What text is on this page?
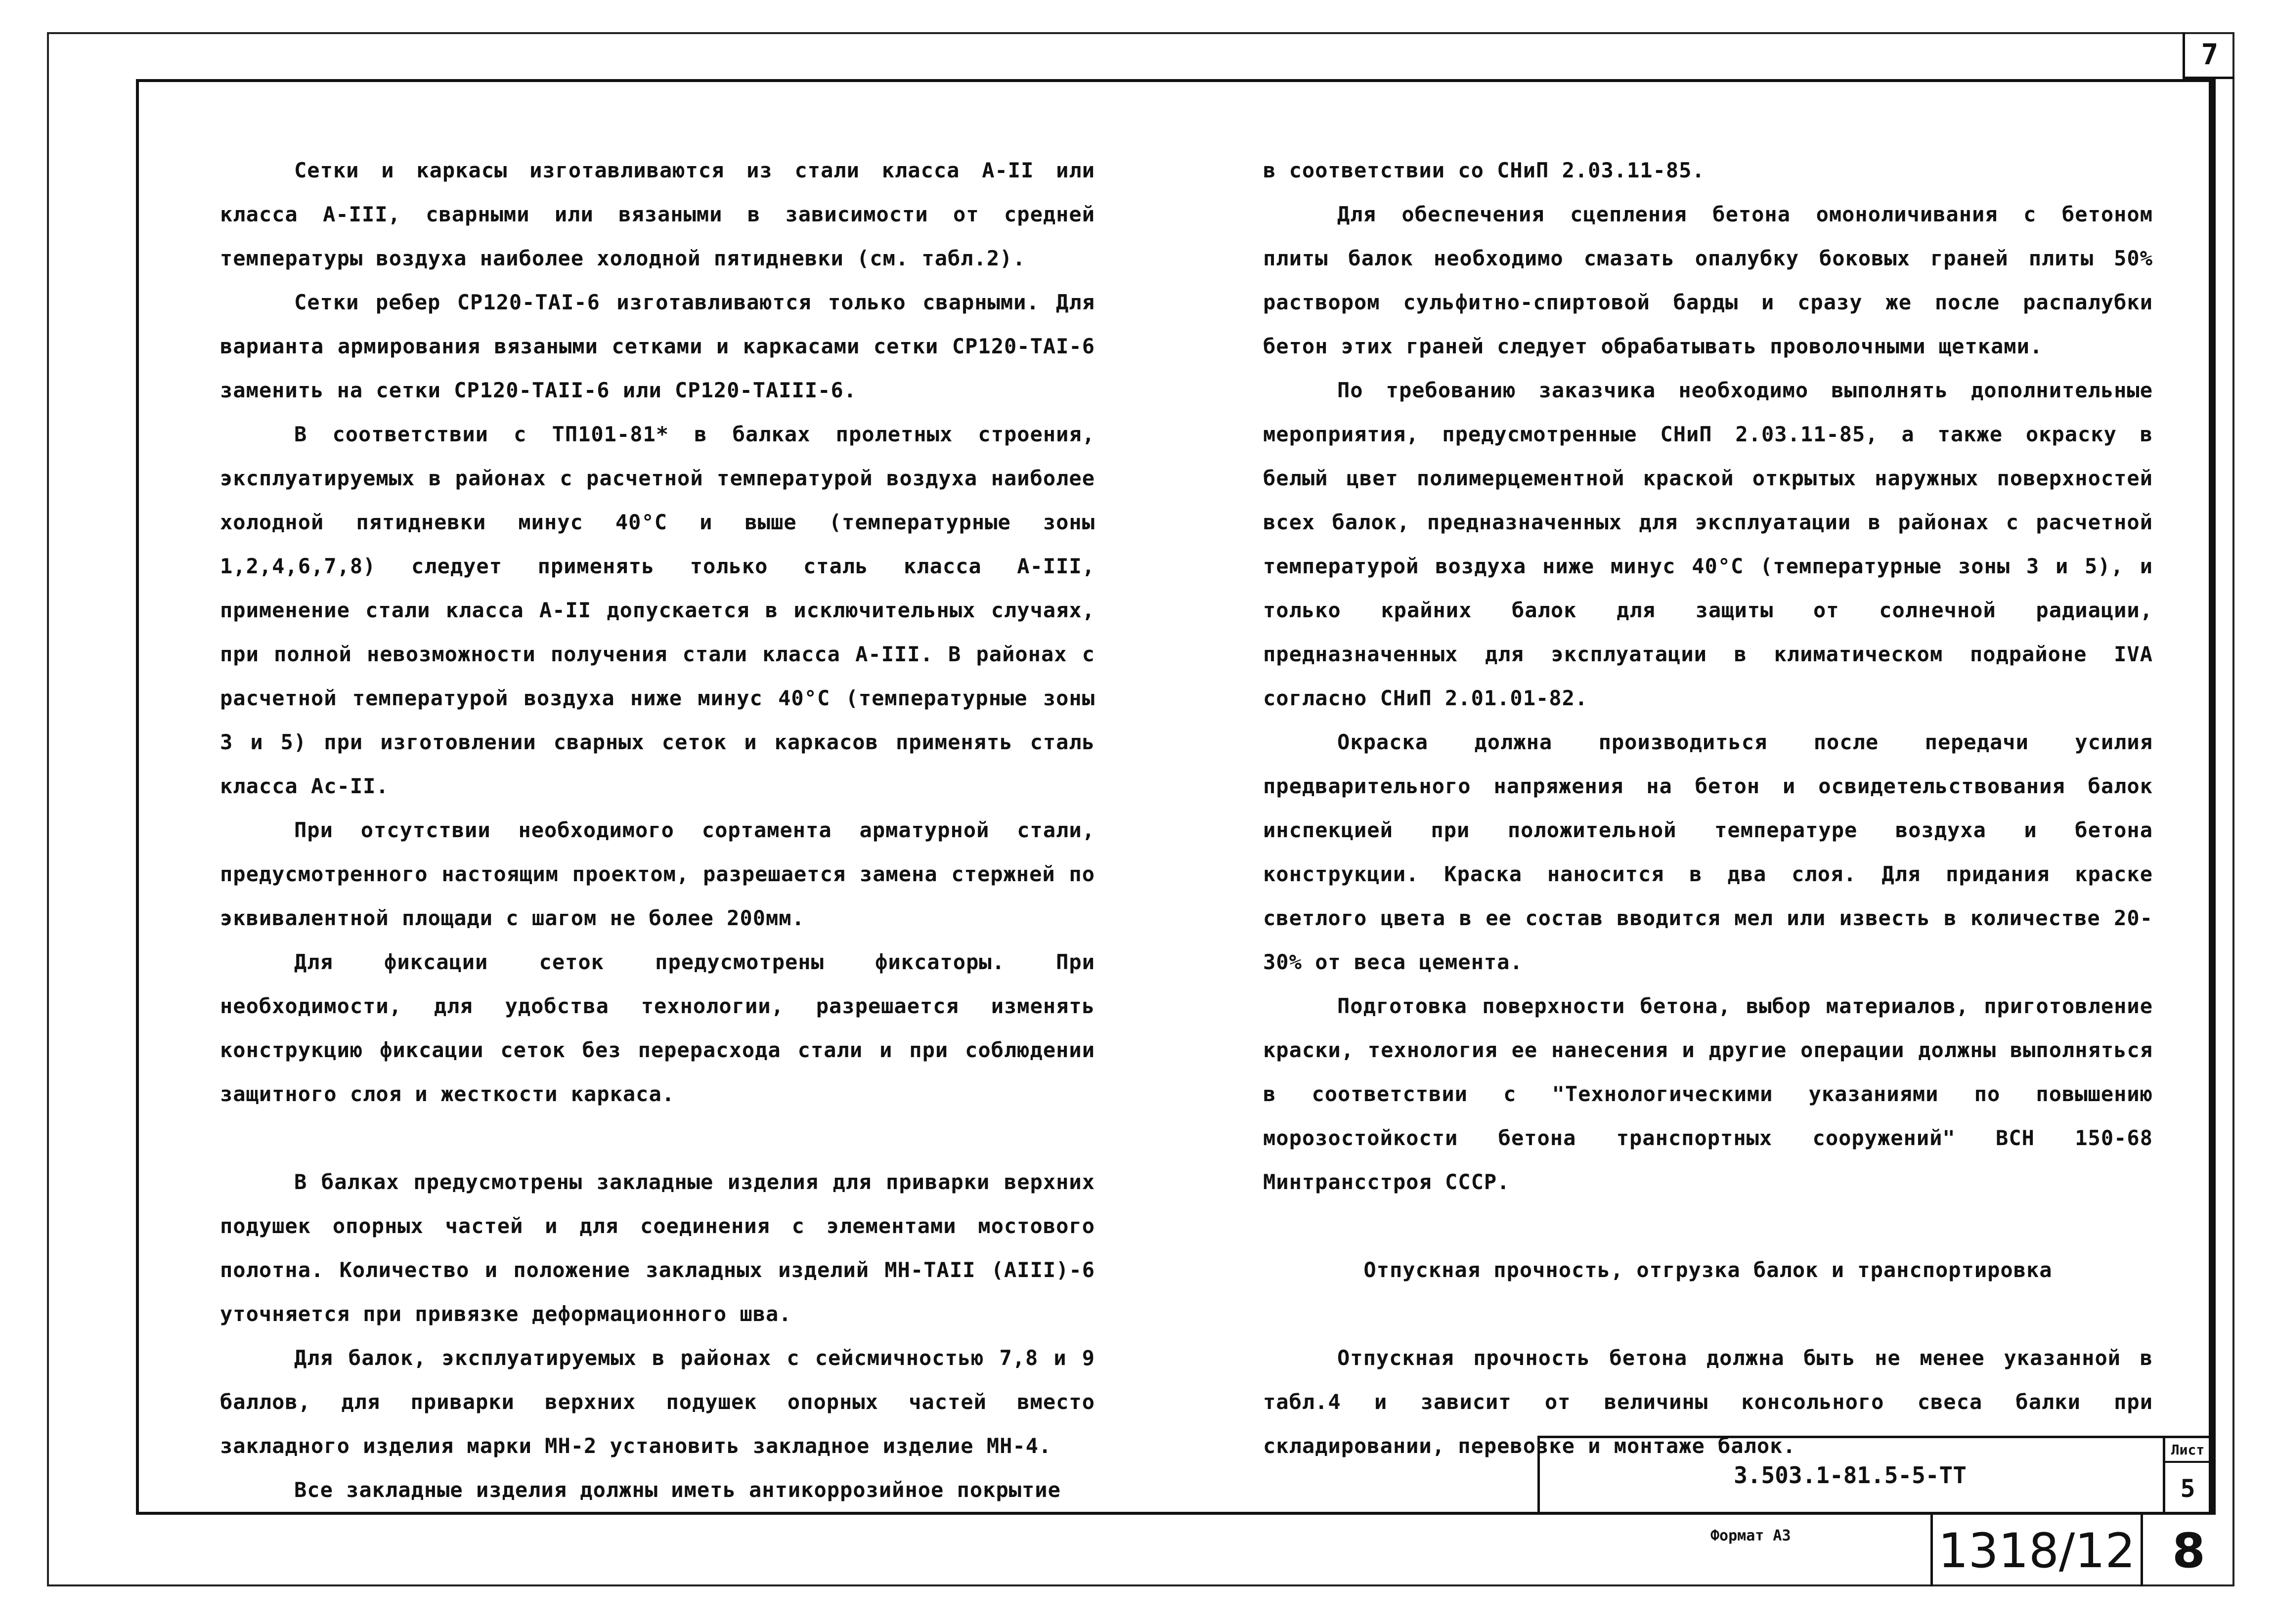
7

Сетки и каркасы изготавливаются из стали класса А-II или класса А-III, сварными или вязаными в зависимости от средней температуры воздуха наиболее холодной пятидневки (см. табл.2).

Сетки ребер СР120-ТАI-6 изготавливаются только сварными. Для варианта армирования вязаными сетками и каркасами сетки СР120-ТАI-6 заменить на сетки СР120-ТАII-6 или СР120-ТАIII-6.

В соответствии с ТП101-81* в балках пролетных строения, эксплуатируемых в районах с расчетной температурой воздуха наиболее холодной пятидневки минус 40°С и выше (температурные зоны 1,2,4,6,7,8) следует применять только сталь класса А-III, применение стали класса А-II допускается в исключительных случаях, при полной невозможности получения стали класса А-III. В районах с расчетной температурой воздуха ниже минус 40°С (температурные зоны 3 и 5) при изготовлении сварных сеток и каркасов применять сталь класса Ас-II.

При отсутствии необходимого сортамента арматурной стали, предусмотренного настоящим проектом, разрешается замена стержней по эквивалентной площади с шагом не более 200мм.

Для фиксации сеток предусмотрены фиксаторы. При необходимости, для удобства технологии, разрешается изменять конструкцию фиксации сеток без перерасхода стали и при соблюдении защитного слоя и жесткости каркаса.

В балках предусмотрены закладные изделия для приварки верхних подушек опорных частей и для соединения с элементами мостового полотна. Количество и положение закладных изделий МН-ТАII (АIII)-6 уточняется при привязке деформационного шва.

Для балок, эксплуатируемых в районах с сейсмичностью 7,8 и 9 баллов, для приварки верхних подушек опорных частей вместо закладного изделия марки МН-2 установить закладное изделие МН-4.

Все закладные изделия должны иметь антикоррозийное покрытие

в соответствии со СНиП 2.03.11-85.

Для обеспечения сцепления бетона омоноличивания с бетоном плиты балок необходимо смазать опалубку боковых граней плиты 50% раствором сульфитно-спиртовой барды и сразу же после распалубки бетон этих граней следует обрабатывать проволочными щетками.

По требованию заказчика необходимо выполнять дополнительные мероприятия, предусмотренные СНиП 2.03.11-85, а также окраску в белый цвет полимерцементной краской открытых наружных поверхностей всех балок, предназначенных для эксплуатации в районах с расчетной температурой воздуха ниже минус 40°С (температурные зоны 3 и 5), и только крайних балок для защиты от солнечной радиации, предназначенных для эксплуатации в климатическом подрайоне IVА согласно СНиП 2.01.01-82.

Окраска должна производиться после передачи усилия предварительного напряжения на бетон и освидетельствования балок инспекцией при положительной температуре воздуха и бетона конструкции. Краска наносится в два слоя. Для придания краске светлого цвета в ее состав вводится мел или известь в количестве 20-30% от веса цемента.

Подготовка поверхности бетона, выбор материалов, приготовление краски, технология ее нанесения и другие операции должны выполняться в соответствии с "Технологическими указаниями по повышению морозостойкости бетона транспортных сооружений" ВСН 150-68 Минтрансстроя СССР.

Отпускная прочность, отгрузка балок и транспортировка

Отпускная прочность бетона должна быть не менее указанной в табл.4 и зависит от величины консольного свеса балки при складировании, перевозке и монтаже балок.

3.503.1-81.5-5-ТТ
Лист
5
Формат А3	1318/12 8
